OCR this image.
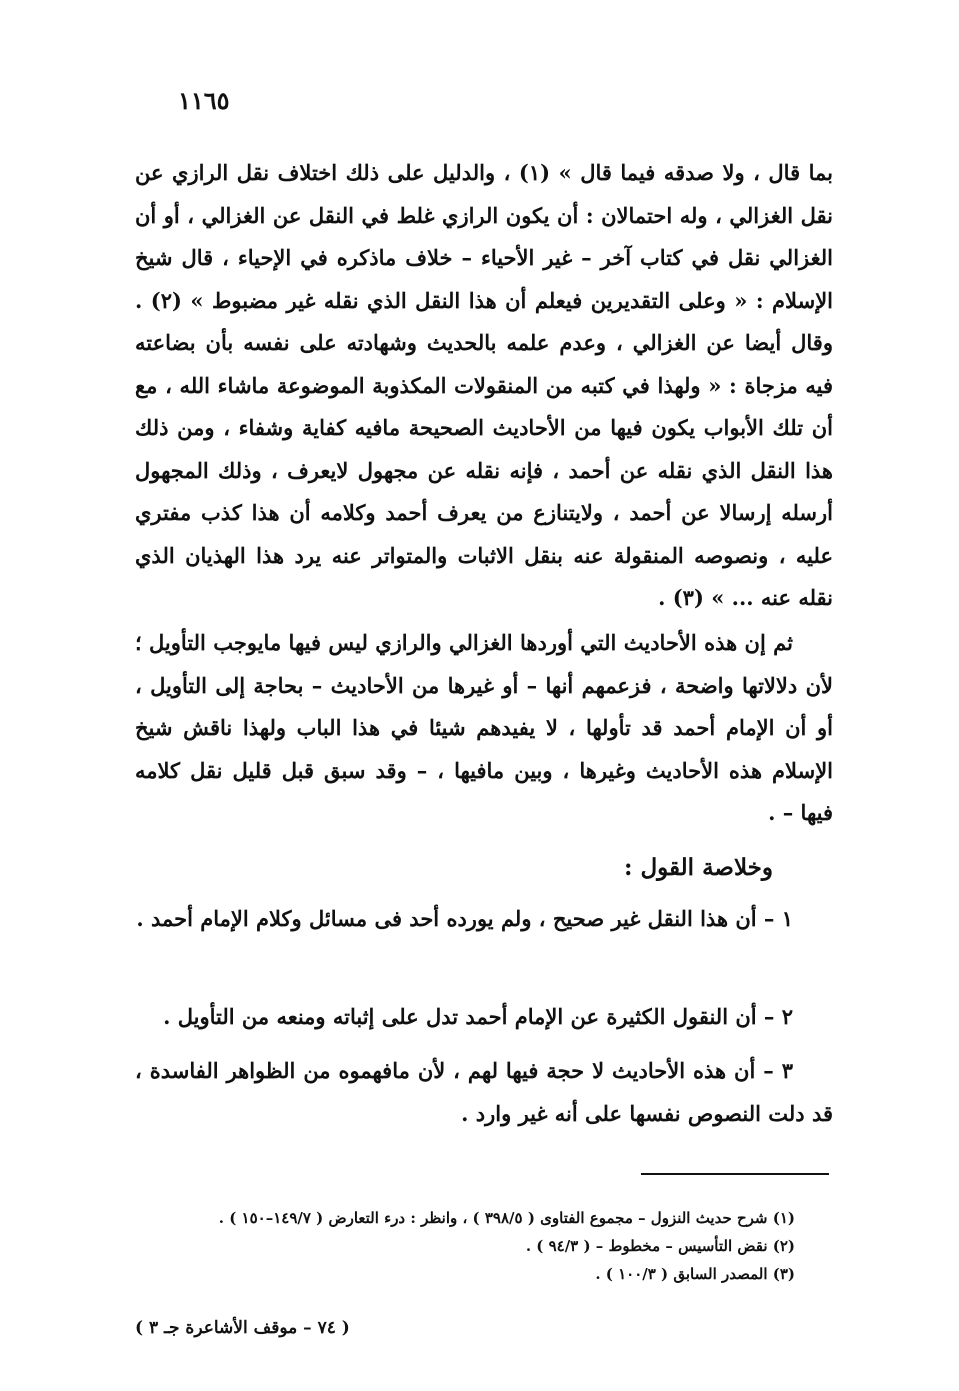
١١٦٥

بما قال ، ولا صدقه فيما قال » (١) ، والدليل على ذلك اختلاف نقل الرازي عن نقل الغزالي ، وله احتمالان : أن يكون الرازي غلط في النقل عن الغزالي ، أو أن الغزالي نقل في كتاب آخر – غير الأحياء – خلاف ماذكره في الإحياء ، قال شيخ الإسلام : « وعلى التقديرين فيعلم أن هذا النقل الذي نقله غير مضبوط » (٢) . وقال أيضا عن الغزالي ، وعدم علمه بالحديث وشهادته على نفسه بأن بضاعته فيه مزجاة : « ولهذا في كتبه من المنقولات المكذوبة الموضوعة ماشاء الله ، مع أن تلك الأبواب يكون فيها من الأحاديث الصحيحة مافيه كفاية وشفاء ، ومن ذلك هذا النقل الذي نقله عن أحمد ، فإنه نقله عن مجهول لايعرف ، وذلك المجهول أرسله إرسالا عن أحمد ، ولايتنازع من يعرف أحمد وكلامه أن هذا كذب مفتري عليه ، ونصوصه المنقولة عنه بنقل الاثبات والمتواتر عنه يرد هذا الهذيان الذي نقله عنه ... » (٣) .

ثم إن هذه الأحاديث التي أوردها الغزالي والرازي ليس فيها مايوجب التأويل ؛ لأن دلالاتها واضحة ، فزعمهم أنها – أو غيرها من الأحاديث – بحاجة إلى التأويل ، أو أن الإمام أحمد قد تأولها ، لا يفيدهم شيئا في هذا الباب ولهذا ناقش شيخ الإسلام هذه الأحاديث وغيرها ، وبين مافيها ، – وقد سبق قبل قليل نقل كلامه فيها – .

وخلاصة القول :
١ – أن هذا النقل غير صحيح ، ولم يورده أحد فى مسائل وكلام الإمام أحمد .
٢ – أن النقول الكثيرة عن الإمام أحمد تدل على إثباته ومنعه من التأويل .
٣ – أن هذه الأحاديث لا حجة فيها لهم ، لأن مافهموه من الظواهر الفاسدة ، قد دلت النصوص نفسها على أنه غير وارد .
(١) شرح حديث النزول – مجموع الفتاوى ( ٣٩٨/٥ ) ، وانظر : درء التعارض ( ١٤٩/٧–١٥٠ ) .
(٢) نقض التأسيس – مخطوط – ( ٩٤/٣ ) .
(٣) المصدر السابق ( ١٠٠/٣ ) .
( ٧٤ – موقف الأشاعرة جـ ٣ )
